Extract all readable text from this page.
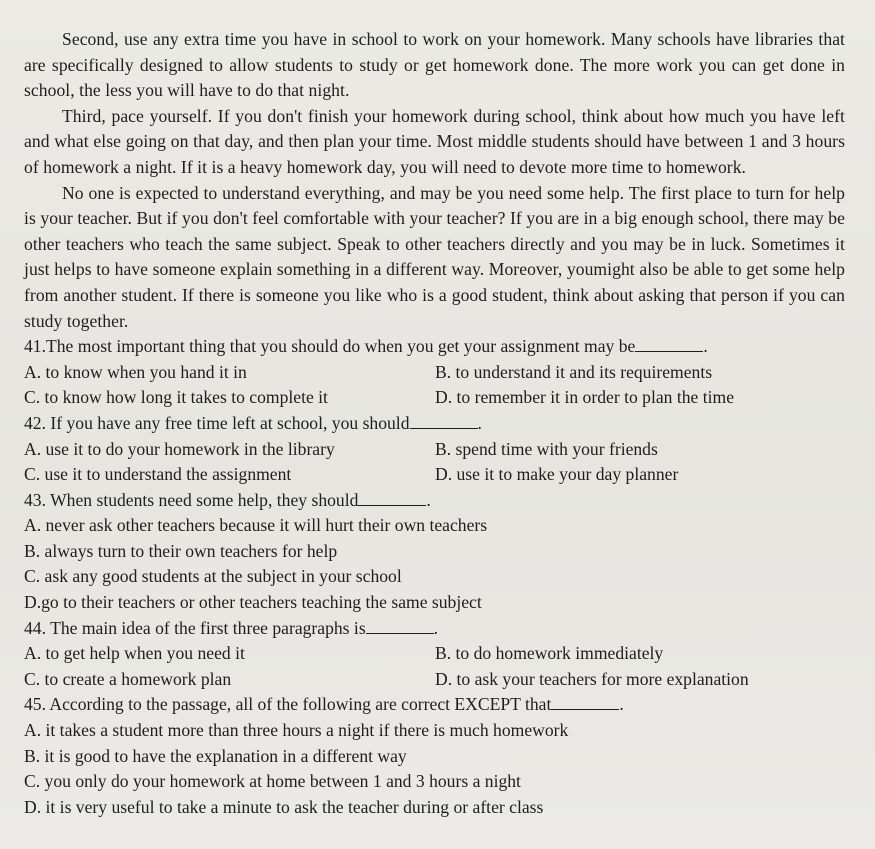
Second, use any extra time you have in school to work on your homework. Many schools have libraries that are specifically designed to allow students to study or get homework done. The more work you can get done in school, the less you will have to do that night.

Third, pace yourself. If you don't finish your homework during school, think about how much you have left and what else going on that day, and then plan your time. Most middle students should have between 1 and 3 hours of homework a night. If it is a heavy homework day, you will need to devote more time to homework.

No one is expected to understand everything, and may be you need some help. The first place to turn for help is your teacher. But if you don't feel comfortable with your teacher? If you are in a big enough school, there may be other teachers who teach the same subject. Speak to other teachers directly and you may be in luck. Sometimes it just helps to have someone explain something in a different way. Moreover, youmight also be able to get some help from another student. If there is someone you like who is a good student, think about asking that person if you can study together.

41.The most important thing that you should do when you get your assignment may be	.

A. to know when you hand it in	B. to understand it and its requirements
C. to know how long it takes to complete it	D. to remember it in order to plan the time

42. If you have any free time left at school, you should	.

A. use it to do your homework in the library	B. spend time with your friends
C. use it to understand the assignment	D. use it to make your day planner

43. When students need some help, they should	.

A. never ask other teachers because it will hurt their own teachers
B. always turn to their own teachers for help
C. ask any good students at the subject in your school
D.go to their teachers or other teachers teaching the same subject

44. The main idea of the first three paragraphs is	.

A. to get help when you need it	B. to do homework immediately
C. to create a homework plan	D. to ask your teachers for more explanation

45. According to the passage, all of the following are correct EXCEPT that	.

A. it takes a student more than three hours a night if there is much homework
B. it is good to have the explanation in a different way
C. you only do your homework at home between 1 and 3 hours a night
D. it is very useful to take a minute to ask the teacher during or after class
